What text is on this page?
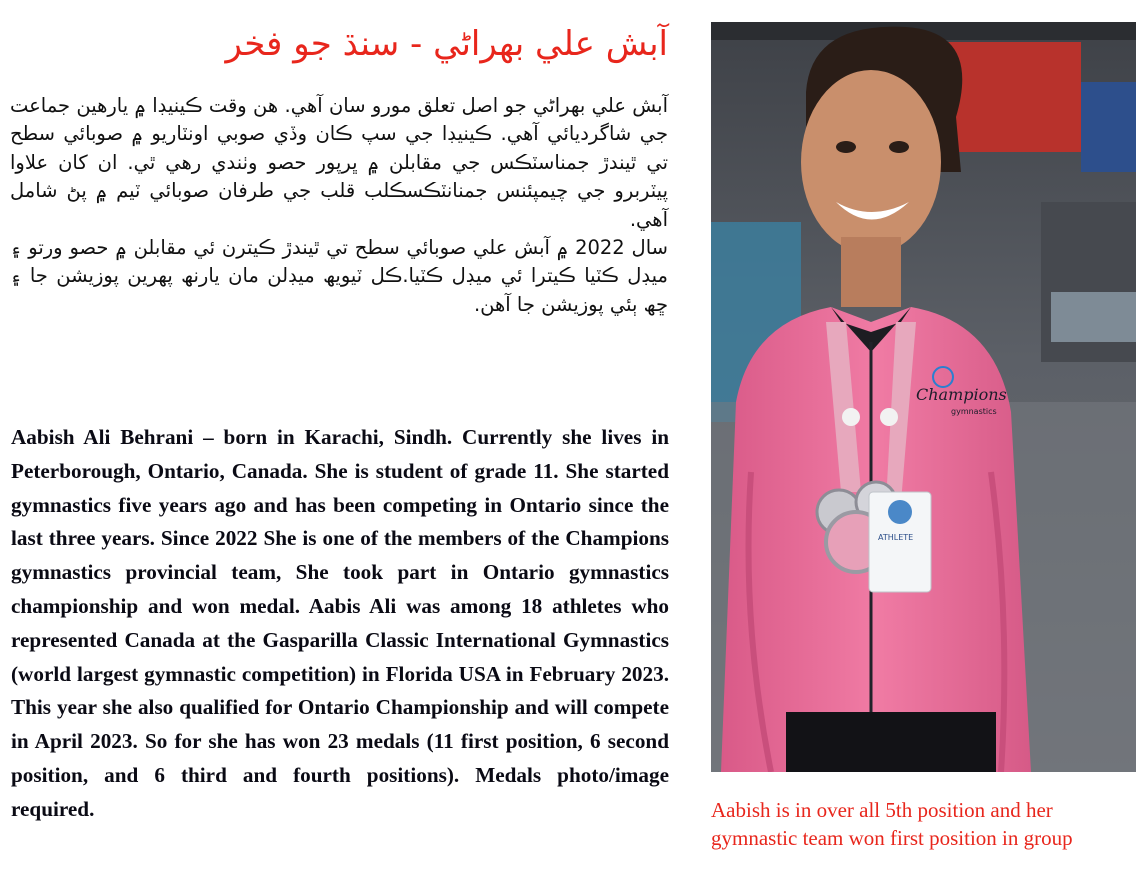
آبش علي بھراڻي - سنڌ جو فخر

آبش علي بھراڻي جو اصل تعلق مورو سان آھي. ھن وقت ڪينيڊا ۾ يارھين جماعت جي شاگرديائي آھي. ڪينيڊا جي سپ ڪان وڏي صوبي اونٽاريو ۾ صوبائي سطح تي ٿيندڙ جمناسٽڪس جي مقابلن ۾ ڀرپور حصو وٺندي رھي ٿي. ان کان علاوا پيٽربرو جي چيمپئنس جمنانٽڪسڪلب قلب جي طرفان صوبائي ٽيم ۾ پڻ شامل آھي.

سال 2022 ۾ آبش علي صوبائي سطح تي ٿيندڙ ڪيترن ئي مقابلن ۾ حصو ورتو ۽ ميڊل ڪٽيا ڪيترا ئي ميڊل ڪٽيا.ڪل ٽيويھ ميڊلن مان يارنھ پھرين پوزيشن جا ۽ ڇھ ٻئي پوزيشن جا آھن.

Aabish Ali Behrani – born in Karachi, Sindh. Currently she lives in Peterborough, Ontario, Canada. She is student of grade 11. She started gymnastics five years ago and has been competing in Ontario since the last three years. Since 2022 She is one of the members of the Champions gymnastics provincial team, She took part in Ontario gymnastics championship and won medal. Aabis Ali was among 18 athletes who represented Canada at the Gasparilla Classic International Gymnastics (world largest gymnastic competition) in Florida USA in February 2023. This year she also qualified for Ontario Championship and will compete in April 2023. So for she has won 23 medals (11 first position, 6 second position, and 6 third and fourth positions). Medals photo/image required.
Champions
gymnastics
ATHLETE
Aabish is in over all 5th position and her gymnastic team won first position in group
